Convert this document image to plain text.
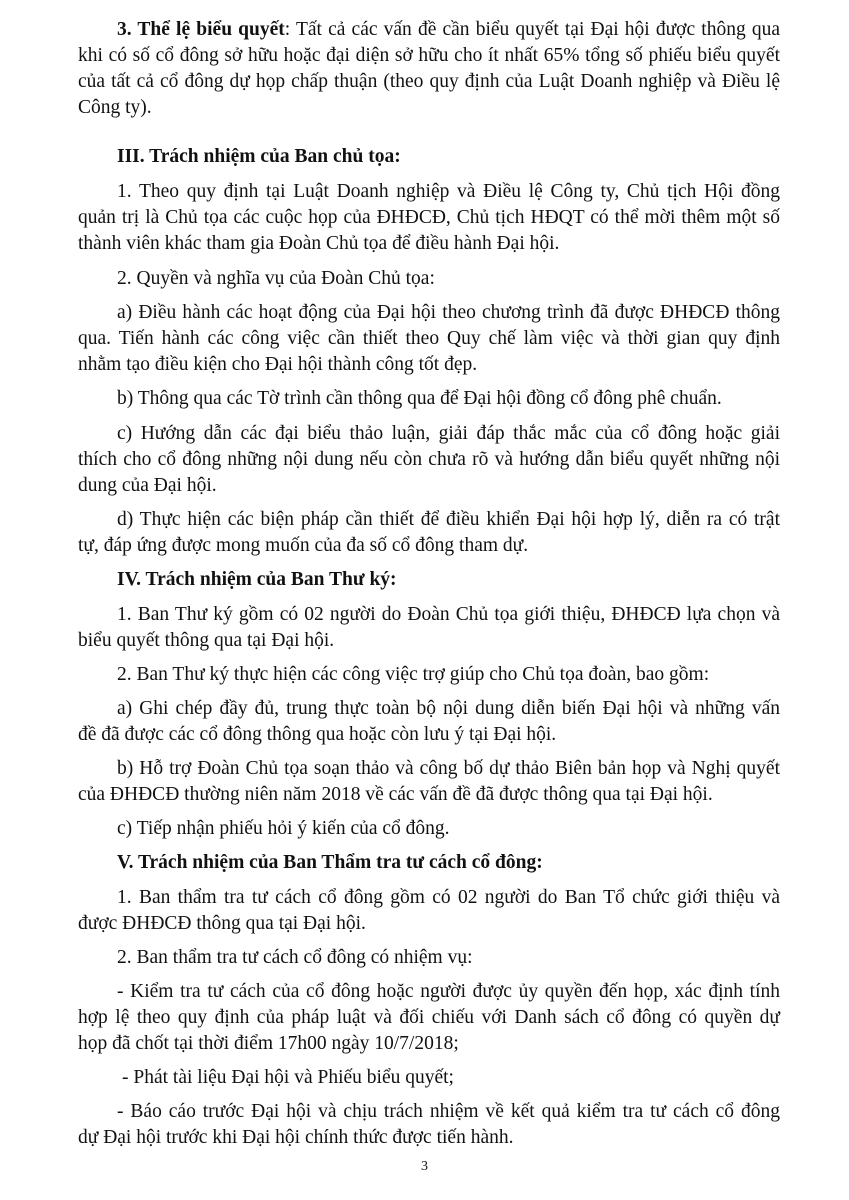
3. Thể lệ biểu quyết: Tất cả các vấn đề cần biểu quyết tại Đại hội được thông qua
khi có số cổ đông sở hữu hoặc đại diện sở hữu cho ít nhất 65% tổng số phiếu biểu quyết
của tất cả cổ đông dự họp chấp thuận (theo quy định của Luật Doanh nghiệp và Điều lệ
Công ty).
III. Trách nhiệm của Ban chủ tọa:
1. Theo quy định tại Luật Doanh nghiệp và Điều lệ Công ty, Chủ tịch Hội đồng
quản trị là Chủ tọa các cuộc họp của ĐHĐCĐ, Chủ tịch HĐQT có thể mời thêm một số
thành viên khác tham gia Đoàn Chủ tọa để điều hành Đại hội.
2. Quyền và nghĩa vụ của Đoàn Chủ tọa:
a) Điều hành các hoạt động của Đại hội theo chương trình đã được ĐHĐCĐ thông
qua. Tiến hành các công việc cần thiết theo Quy chế làm việc và thời gian quy định
nhằm tạo điều kiện cho Đại hội thành công tốt đẹp.
b) Thông qua các Tờ trình cần thông qua để Đại hội đồng cổ đông phê chuẩn.
c) Hướng dẫn các đại biểu thảo luận, giải đáp thắc mắc của cổ đông hoặc giải
thích cho cổ đông những nội dung nếu còn chưa rõ và hướng dẫn biểu quyết những nội
dung của Đại hội.
d) Thực hiện các biện pháp cần thiết để điều khiển Đại hội hợp lý, diễn ra có trật
tự, đáp ứng được mong muốn của đa số cổ đông tham dự.
IV. Trách nhiệm của Ban Thư ký:
1. Ban Thư ký gồm có 02 người do Đoàn Chủ tọa giới thiệu, ĐHĐCĐ lựa chọn và
biểu quyết thông qua tại Đại hội.
2. Ban Thư ký thực hiện các công việc trợ giúp cho Chủ tọa đoàn, bao gồm:
a) Ghi chép đầy đủ, trung thực toàn bộ nội dung diễn biến Đại hội và những vấn
đề đã được các cổ đông thông qua hoặc còn lưu ý tại Đại hội.
b) Hỗ trợ Đoàn Chủ tọa soạn thảo và công bố dự thảo Biên bản họp và Nghị quyết
của ĐHĐCĐ thường niên năm 2018 về các vấn đề đã được thông qua tại Đại hội.
c) Tiếp nhận phiếu hỏi ý kiến của cổ đông.
V. Trách nhiệm của Ban Thẩm tra tư cách cổ đông:
1. Ban thẩm tra tư cách cổ đông gồm có 02 người do Ban Tổ chức giới thiệu và
được ĐHĐCĐ thông qua tại Đại hội.
2. Ban thẩm tra tư cách cổ đông có nhiệm vụ:
- Kiểm tra tư cách của cổ đông hoặc người được ủy quyền đến họp, xác định tính
hợp lệ theo quy định của pháp luật và đối chiếu với Danh sách cổ đông có quyền dự
họp đã chốt tại thời điểm 17h00 ngày 10/7/2018;
- Phát tài liệu Đại hội và Phiếu biểu quyết;
- Báo cáo trước Đại hội và chịu trách nhiệm về kết quả kiểm tra tư cách cổ đông
dự Đại hội trước khi Đại hội chính thức được tiến hành.
3
